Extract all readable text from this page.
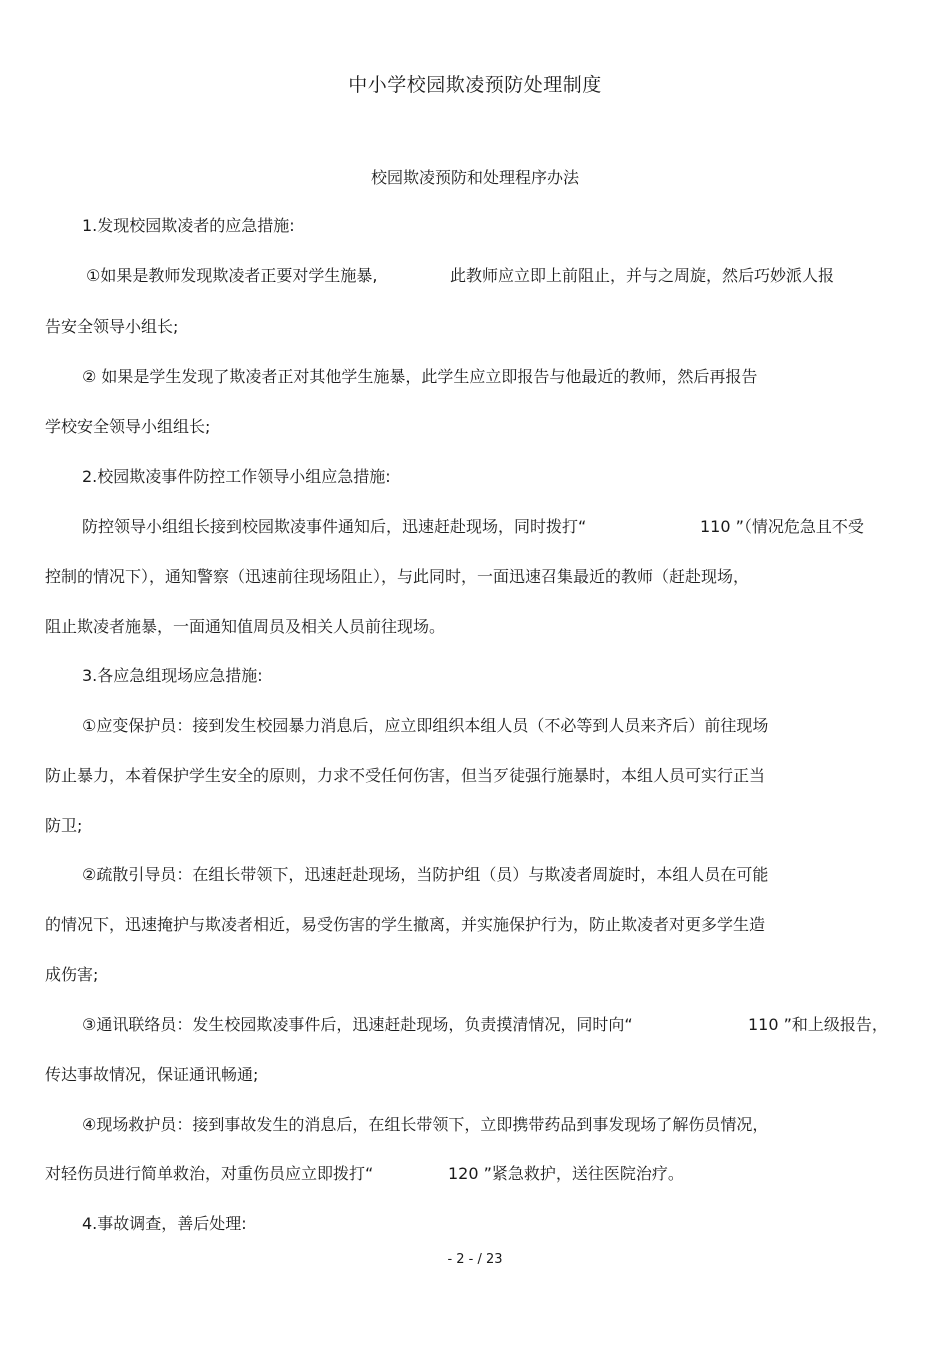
中小学校园欺凌预防处理制度
校园欺凌预防和处理程序办法
1.发现校园欺凌者的应急措施:
①如果是教师发现欺凌者正要对学生施暴,	此教师应立即上前阻止，并与之周旋，然后巧妙派人报
告安全领导小组长;
② 如果是学生发现了欺凌者正对其他学生施暴，此学生应立即报告与他最近的教师，然后再报告
学校安全领导小组组长;
2.校园欺凌事件防控工作领导小组应急措施:
防控领导小组组长接到校园欺凌事件通知后，迅速赶赴现场，同时拨打“	110 ”（情况危急且不受
控制的情况下），通知警察（迅速前往现场阻止），与此同时，一面迅速召集最近的教师（赶赴现场，
阻止欺凌者施暴，一面通知值周员及相关人员前往现场。
3.各应急组现场应急措施:
①应变保护员：接到发生校园暴力消息后，应立即组织本组人员（不必等到人员来齐后）前往现场
防止暴力，本着保护学生安全的原则，力求不受任何伤害，但当歹徒强行施暴时，本组人员可实行正当
防卫;
②疏散引导员：在组长带领下，迅速赶赴现场，当防护组（员）与欺凌者周旋时，本组人员在可能
的情况下，迅速掩护与欺凌者相近，易受伤害的学生撤离，并实施保护行为，防止欺凌者对更多学生造
成伤害;
③通讯联络员：发生校园欺凌事件后，迅速赶赴现场，负责摸清情况，同时向“	110 ”和上级报告，
传达事故情况，保证通讯畅通;
④现场救护员：接到事故发生的消息后，在组长带领下，立即携带药品到事发现场了解伤员情况，
对轻伤员进行简单救治，对重伤员应立即拨打“	120 ”紧急救护，送往医院治疗。
4.事故调查，善后处理:
- 2 - / 23
